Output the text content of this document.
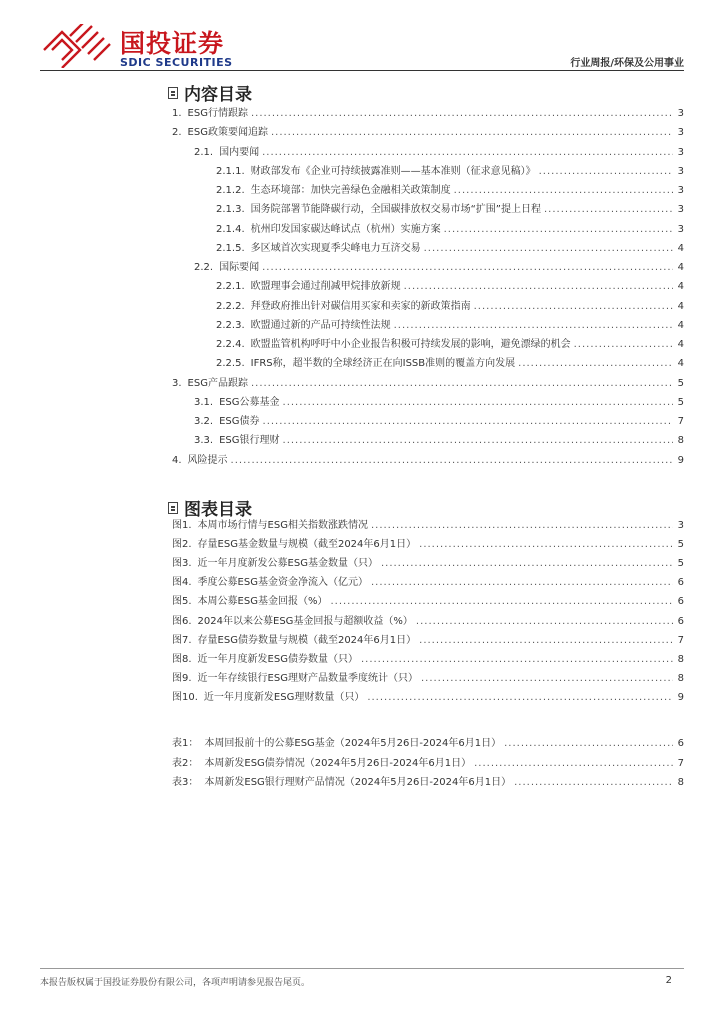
国投证券
SDIC SECURITIES	行业周报/环保及公用事业
内容目录
1. ESG行情跟踪 .....	3
2. ESG政策要闻追踪 .....	3
2.1. 国内要闻 .....	3
2.1.1. 财政部发布《企业可持续披露准则——基本准则（征求意见稿）》 .....	3
2.1.2. 生态环境部：加快完善绿色金融相关政策制度 .....	3
2.1.3. 国务院部署节能降碳行动，全国碳排放权交易市场“扩围”提上日程 .....	3
2.1.4. 杭州印发国家碳达峰试点（杭州）实施方案 .....	3
2.1.5. 多区域首次实现夏季尖峰电力互济交易 .....	4
2.2. 国际要闻 .....	4
2.2.1. 欧盟理事会通过削减甲烷排放新规 .....	4
2.2.2. 拜登政府推出针对碳信用买家和卖家的新政策指南 .....	4
2.2.3. 欧盟通过新的产品可持续性法规 .....	4
2.2.4. 欧盟监管机构呼吁中小企业报告积极可持续发展的影响，避免漂绿的机会 .....	4
2.2.5. IFRS称，超半数的全球经济正在向ISSB准则的覆盖方向发展 .....	4
3. ESG产品跟踪 .....	5
3.1. ESG公募基金 .....	5
3.2. ESG债券 .....	7
3.3. ESG银行理财 .....	8
4. 风险提示 .....	9
图表目录
图1. 本周市场行情与ESG相关指数涨跌情况 .....	3
图2. 存量ESG基金数量与规模（截至2024年6月1日） .....	5
图3. 近一年月度新发公募ESG基金数量（只） .....	5
图4. 季度公募ESG基金资金净流入（亿元） .....	6
图5. 本周公募ESG基金回报（%） .....	6
图6. 2024年以来公募ESG基金回报与超额收益（%） .....	6
图7. 存量ESG债券数量与规模（截至2024年6月1日） .....	7
图8. 近一年月度新发ESG债券数量（只） .....	8
图9. 近一年存续银行ESG理财产品数量季度统计（只） .....	8
图10. 近一年月度新发ESG理财数量（只） .....	9
表1： 本周回报前十的公募ESG基金（2024年5月26日-2024年6月1日） .....	6
表2： 本周新发ESG债券情况（2024年5月26日-2024年6月1日） .....	7
表3： 本周新发ESG银行理财产品情况（2024年5月26日-2024年6月1日） .....	8
本报告版权属于国投证券股份有限公司，各项声明请参见报告尾页。	2
